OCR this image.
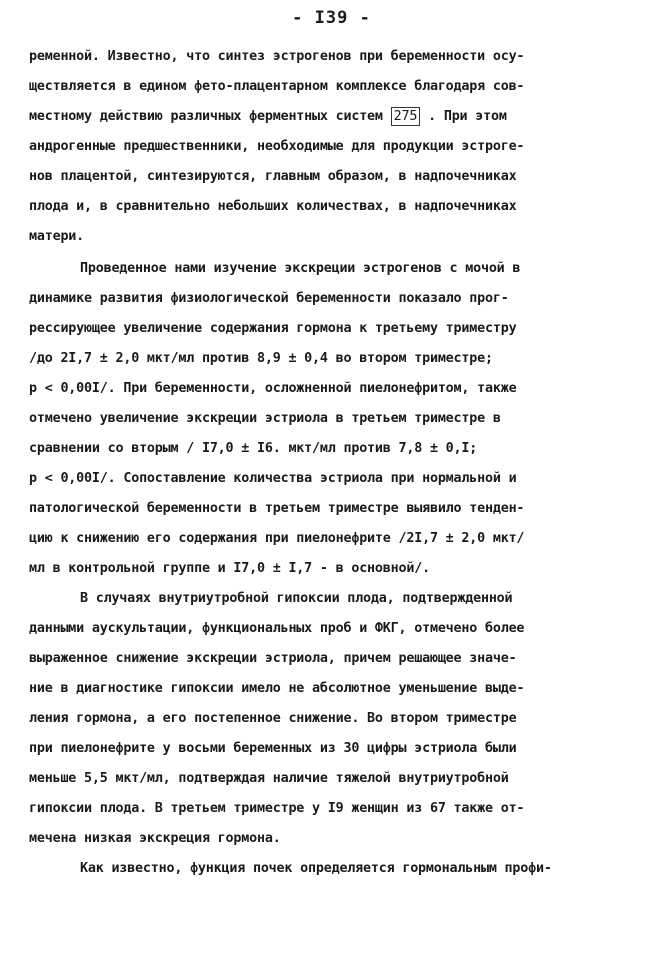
- I39 -
ременной. Известно, что синтез эстрогенов при беременности осу-
ществляется в едином фето-плацентарном комплексе благодаря сов-
местному действию различных ферментных систем 275 . При этом
андрогенные предшественники, необходимые для продукции эстроге-
нов плацентой, синтезируются, главным образом, в надпочечниках
плода и, в сравнительно небольших количествах, в надпочечниках
матери.
Проведенное нами изучение экскреции эстрогенов с мочой в
динамике развития физиологической беременности показало прог-
рессирующее увеличение содержания гормона к третьему триместру
/до 2I,7 ± 2,0 мкт/мл против 8,9 ± 0,4 во втором триместре;
р < 0,00I/. При беременности, осложненной пиелонефритом, также
отмечено увеличение экскреции эстриола в третьем триместре в
сравнении со вторым / I7,0 ± I6. мкт/мл против 7,8 ± 0,I;
р < 0,00I/. Сопоставление количества эстриола при нормальной и
патологической беременности в третьем триместре выявило тенден-
цию к снижению его содержания при пиелонефрите /2I,7 ± 2,0 мкт/
мл в контрольной группе и I7,0 ± I,7 - в основной/.
В случаях внутриутробной гипоксии плода, подтвержденной
данными аускультации, функциональных проб и ФКГ, отмечено более
выраженное снижение экскреции эстриола, причем решающее значе-
ние в диагностике гипоксии имело не абсолютное уменьшение выде-
ления гормона, а его постепенное снижение. Во втором триместре
при пиелонефрите у восьми беременных из 30 цифры эстриола были
меньше 5,5 мкт/мл, подтверждая наличие тяжелой внутриутробной
гипоксии плода. В третьем триместре у I9 женщин из 67 также от-
мечена низкая экскреция гормона.
Как известно, функция почек определяется гормональным профи-
